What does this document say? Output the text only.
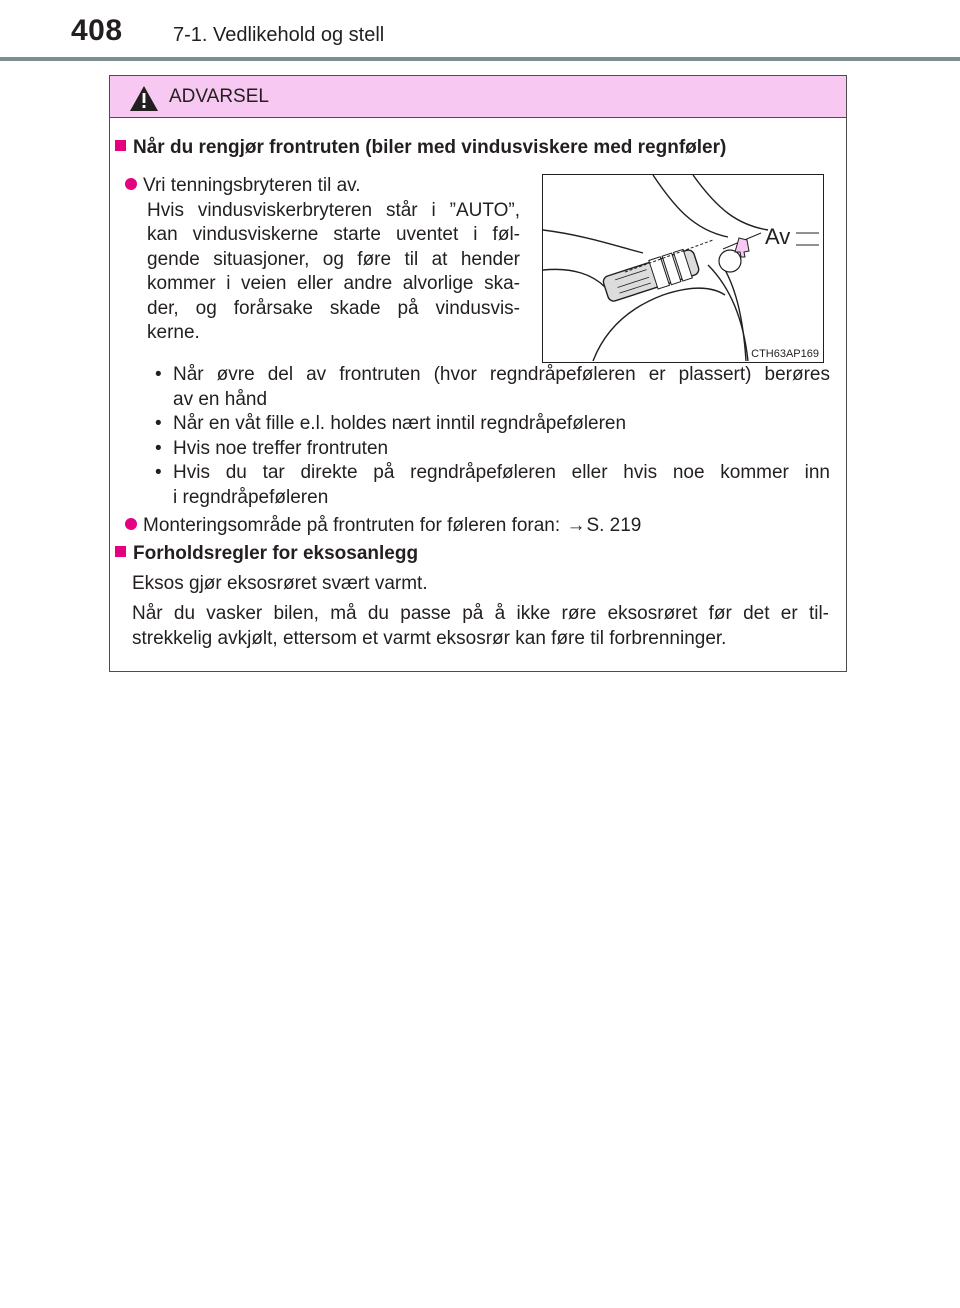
408	7-1. Vedlikehold og stell
ADVARSEL
Når du rengjør frontruten (biler med vindusviskere med regnføler)
Vri tenningsbryteren til av.
Hvis vindusviskerbryteren står i ”AUTO”,
kan vindusviskerne starte uventet i føl-
gende situasjoner, og føre til at hender
kommer i veien eller andre alvorlige ska-
der, og forårsake skade på vindusvis-
kerne.
Av
CTH63AP169
• Når øvre del av frontruten (hvor regndråpeføleren er plassert) berøres
av en hånd
• Når en våt fille e.l. holdes nært inntil regndråpeføleren
• Hvis noe treffer frontruten
• Hvis du tar direkte på regndråpeføleren eller hvis noe kommer inn
i regndråpeføleren
Monteringsområde på frontruten for føleren foran: →S. 219
Forholdsregler for eksosanlegg
Eksos gjør eksosrøret svært varmt.
Når du vasker bilen, må du passe på å ikke røre eksosrøret før det er til-
strekkelig avkjølt, ettersom et varmt eksosrør kan føre til forbrenninger.
